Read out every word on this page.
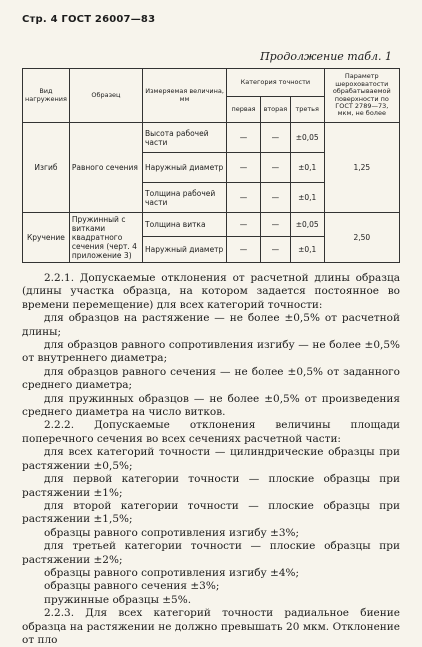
Стр. 4 ГОСТ 26007—83
Продолжение табл. 1
Вид нагружения	Образец	Измеряемая величина, мм	Категория точности			Параметр шероховатости обрабатываемой поверхности по ГОСТ 2789—73, мкм, не более
			первая	вторая	третья	
Изгиб	Равного сечения	Высота рабочей части	—	—	±0,05	1,25
		Наружный диаметр	—	—	±0,1	
		Толщина рабочей части	—	—	±0,1	
Кручение	Пружинный с витками квадратного сечения (черт. 4 приложение 3)	Толщина витка	—	—	±0,05	2,50
		Наружный диаметр	—	—	±0,1	

2.2.1. Допускаемые отклонения от расчетной длины образца (длины участка образца, на котором задается постоянное во времени перемещение) для всех категорий точности:

для образцов на растяжение — не более ±0,5% от расчетной длины;

для образцов равного сопротивления изгибу — не более ±0,5% от внутреннего диаметра;

для образцов равного сечения — не более ±0,5% от заданного среднего диаметра;

для пружинных образцов — не более ±0,5% от произведения среднего диаметра на число витков.

2.2.2. Допускаемые отклонения величины площади поперечного сечения во всех сечениях расчетной части:

для всех категорий точности — цилиндрические образцы при растяжении ±0,5%;

для первой категории точности — плоские образцы при растяжении ±1%;

для второй категории точности — плоские образцы при растяжении ±1,5%;

образцы равного сопротивления изгибу ±3%;

для третьей категории точности — плоские образцы при растяжении ±2%;

образцы равного сопротивления изгибу ±4%;

образцы равного сечения ±3%;

пружинные образцы ±5%.

2.2.3. Для всех категорий точности радиальное биение образца на растяжении не должно превышать 20 мкм. Отклонение от пло
